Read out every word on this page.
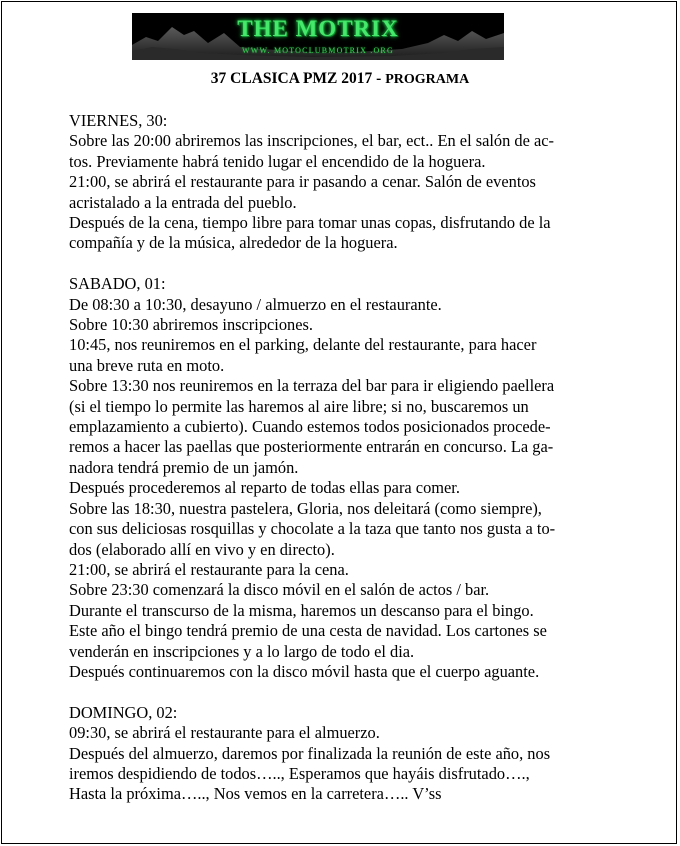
THE MOTRIX
WWW. MOTOCLUBMOTRIX .ORG
37 CLASICA PMZ 2017 - PROGRAMA
VIERNES, 30:
Sobre las 20:00 abriremos las inscripciones, el bar, ect.. En el salón de ac-
tos. Previamente habrá tenido lugar el encendido de la hoguera.
21:00, se abrirá el restaurante para ir pasando a cenar. Salón de eventos
acristalado a la entrada del pueblo.
Después de la cena, tiempo libre para tomar unas copas, disfrutando de la
compañía y de la música, alrededor de la hoguera.
SABADO, 01:
De 08:30 a 10:30, desayuno / almuerzo en el restaurante.
Sobre 10:30 abriremos inscripciones.
10:45, nos reuniremos en el parking, delante del restaurante, para hacer
una breve ruta en moto.
Sobre 13:30 nos reuniremos en la terraza del bar para ir eligiendo paellera
(si el tiempo lo permite las haremos al aire libre; si no, buscaremos un
emplazamiento a cubierto). Cuando estemos todos posicionados procede-
remos a hacer las paellas que posteriormente entrarán en concurso. La ga-
nadora tendrá premio de un jamón.
Después procederemos al reparto de todas ellas para comer.
Sobre las 18:30, nuestra pastelera, Gloria, nos deleitará (como siempre),
con sus deliciosas rosquillas y chocolate a la taza que tanto nos gusta a to-
dos (elaborado allí en vivo y en directo).
21:00, se abrirá el restaurante para la cena.
Sobre 23:30 comenzará la disco móvil en el salón de actos / bar.
Durante el transcurso de la misma, haremos un descanso para el bingo.
Este año el bingo tendrá premio de una cesta de navidad. Los cartones se
venderán en inscripciones y a lo largo de todo el dia.
Después continuaremos con la disco móvil hasta que el cuerpo aguante.
DOMINGO, 02:
09:30, se abrirá el restaurante para el almuerzo.
Después del almuerzo, daremos por finalizada la reunión de este año, nos
iremos despidiendo de todos….., Esperamos que hayáis disfrutado….,
Hasta la próxima….., Nos vemos en la carretera….. V’ss
